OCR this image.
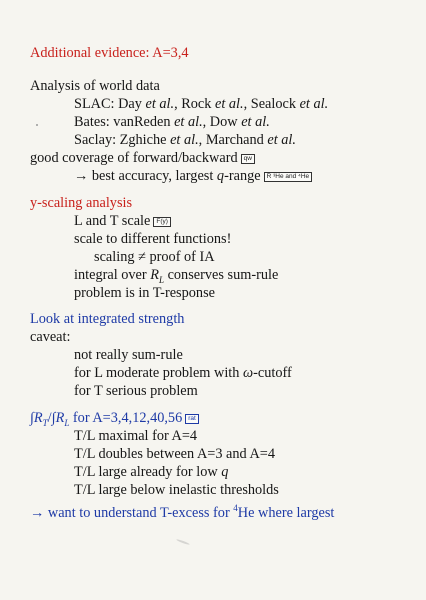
Additional evidence: A=3,4
Analysis of world data
SLAC: Day et al., Rock et al., Sealock et al.
Bates: vanReden et al., Dow et al.
Saclay: Zghiche et al., Marchand et al.
good coverage of forward/backward qw
→ best accuracy, largest q-range R ³He and ⁴He
y-scaling analysis
L and T scale F(y)
scale to different functions!
scaling ≠ proof of IA
integral over $R_L$ conserves sum-rule
problem is in T-response
Look at integrated strength
caveat:
not really sum-rule
for L moderate problem with ω-cutoff
for T serious problem
$\int R_T/\int R_L$ for A=3,4,12,40,56 rat
T/L maximal for A=4
T/L doubles between A=3 and A=4
T/L large already for low q
T/L large below inelastic thresholds
→ want to understand T-excess for $^4$He where largest
